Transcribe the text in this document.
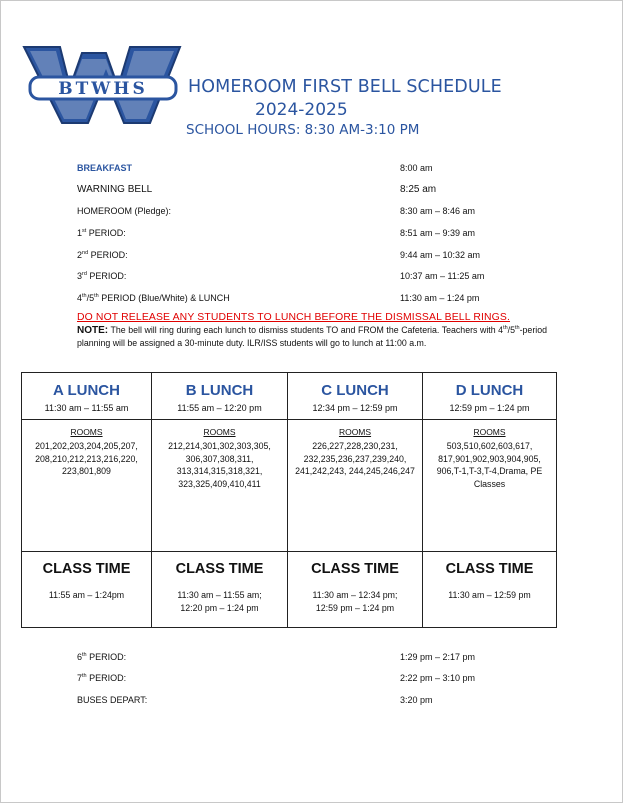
BTWHS HOMEROOM FIRST BELL SCHEDULE
2024-2025
SCHOOL HOURS: 8:30 AM-3:10 PM
BREAKFAST	8:00 am
WARNING BELL	8:25 am
HOMEROOM (Pledge):	8:30 am – 8:46 am
1st PERIOD:	8:51 am – 9:39 am
2nd PERIOD:	9:44 am – 10:32 am
3rd PERIOD:	10:37 am – 11:25 am
4th/5th PERIOD (Blue/White) & LUNCH	11:30 am – 1:24 pm
DO NOT RELEASE ANY STUDENTS TO LUNCH BEFORE THE DISMISSAL BELL RINGS.
NOTE: The bell will ring during each lunch to dismiss students TO and FROM the Cafeteria. Teachers with 4th/5th-period planning will be assigned a 30-minute duty. ILR/ISS students will go to lunch at 11:00 a.m.
A LUNCH
11:30 am – 11:55 am
ROOMS
201,202,203,204,205,207, 208,210,212,213,216,220, 223,801,809
CLASS TIME
11:55 am – 1:24pm
B LUNCH
11:55 am – 12:20 pm
ROOMS
212,214,301,302,303,305, 306,307,308,311, 313,314,315,318,321, 323,325,409,410,411
CLASS TIME
11:30 am – 11:55 am;
12:20 pm – 1:24 pm
C LUNCH
12:34 pm – 12:59 pm
ROOMS
226,227,228,230,231, 232,235,236,237,239,240, 241,242,243, 244,245,246,247
CLASS TIME
11:30 am – 12:34 pm;
12:59 pm – 1:24 pm
D LUNCH
12:59 pm – 1:24 pm
ROOMS
503,510,602,603,617, 817,901,902,903,904,905, 906,T-1,T-3,T-4,Drama, PE Classes
CLASS TIME
11:30 am – 12:59 pm
6th PERIOD:	1:29 pm – 2:17 pm
7th PERIOD:	2:22 pm – 3:10 pm
BUSES DEPART:	3:20 pm
